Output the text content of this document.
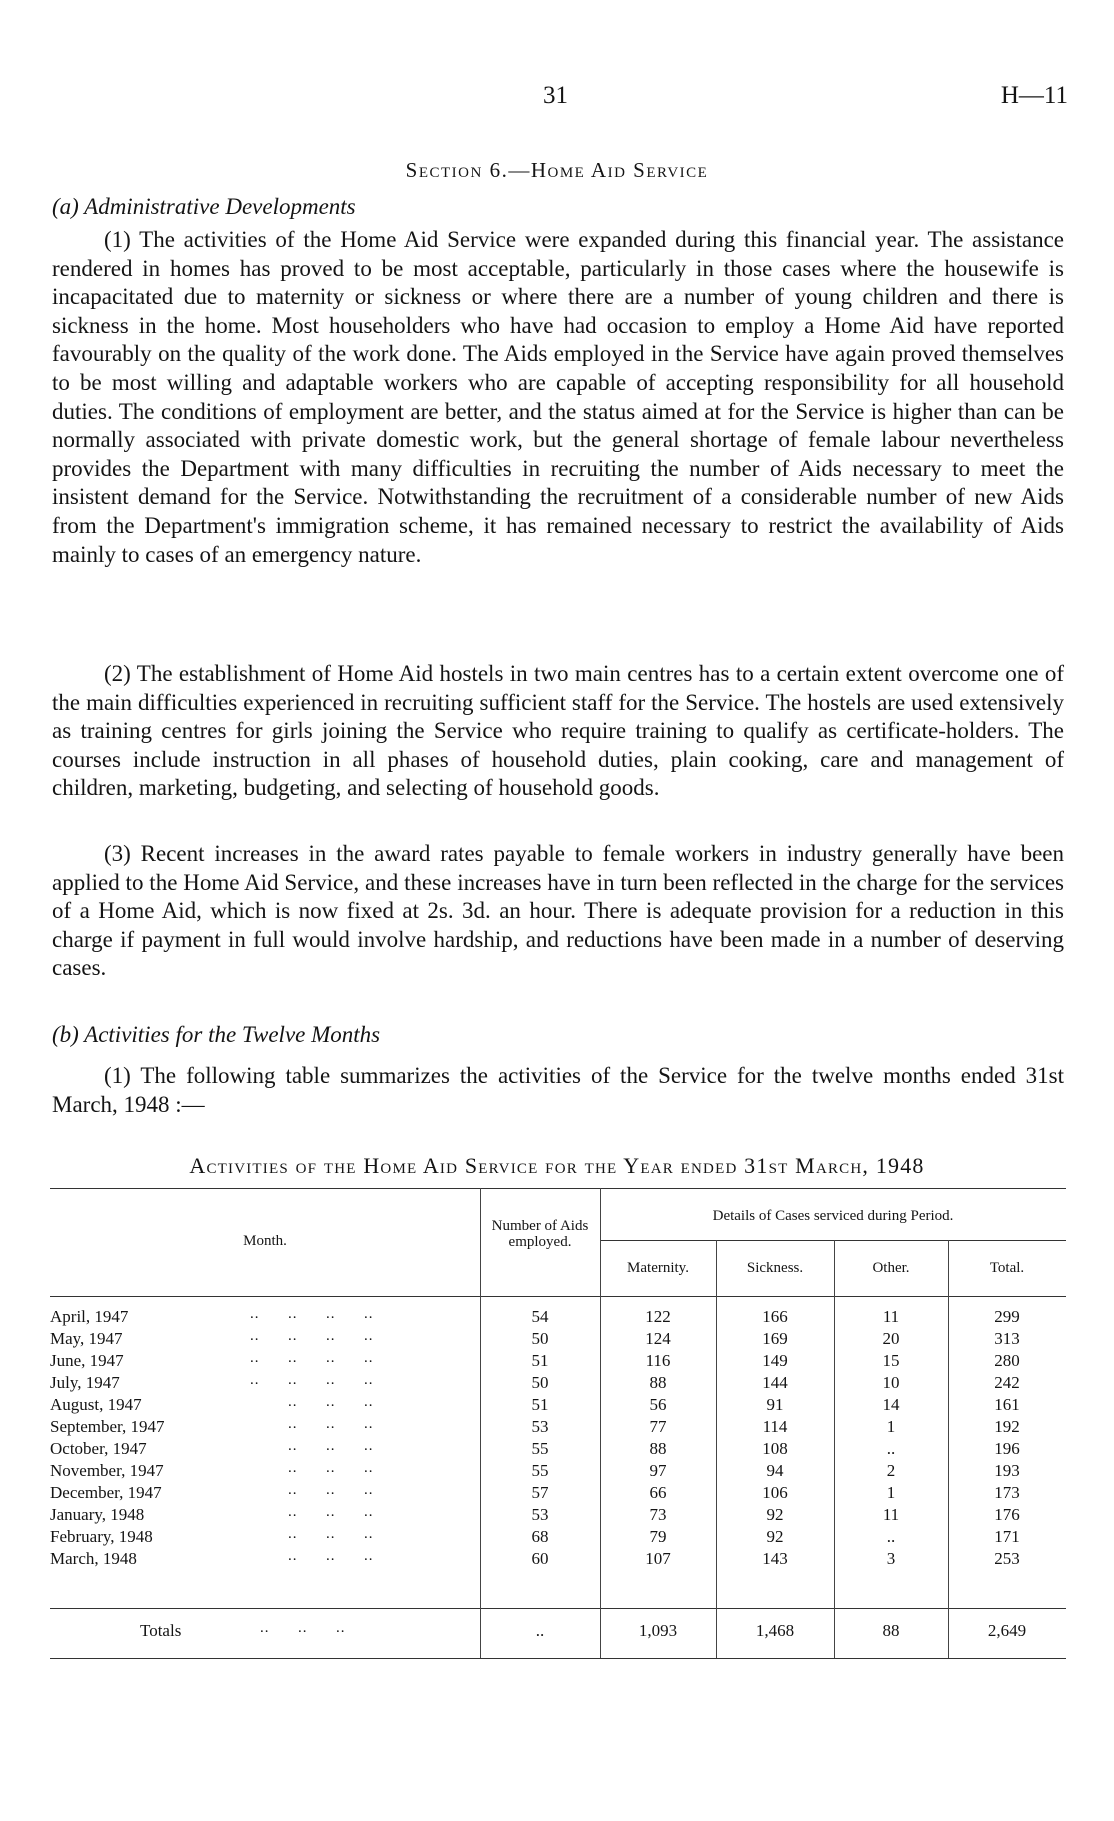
31	H—11
Section 6.—Home Aid Service
(a) Administrative Developments

(1) The activities of the Home Aid Service were expanded during this financial year. The assistance rendered in homes has proved to be most acceptable, particularly in those cases where the housewife is incapacitated due to maternity or sickness or where there are a number of young children and there is sickness in the home. Most householders who have had occasion to employ a Home Aid have reported favourably on the quality of the work done. The Aids employed in the Service have again proved themselves to be most willing and adaptable workers who are capable of accepting responsibility for all household duties. The conditions of employment are better, and the status aimed at for the Service is higher than can be normally associated with private domestic work, but the general shortage of female labour nevertheless provides the Department with many difficulties in recruiting the number of Aids necessary to meet the insistent demand for the Service. Notwithstanding the recruitment of a considerable number of new Aids from the Department's immigration scheme, it has remained necessary to restrict the availability of Aids mainly to cases of an emergency nature.

(2) The establishment of Home Aid hostels in two main centres has to a certain extent overcome one of the main difficulties experienced in recruiting sufficient staff for the Service. The hostels are used extensively as training centres for girls joining the Service who require training to qualify as certificate-holders. The courses include instruction in all phases of household duties, plain cooking, care and management of children, marketing, budgeting, and selecting of household goods.

(3) Recent increases in the award rates payable to female workers in industry generally have been applied to the Home Aid Service, and these increases have in turn been reflected in the charge for the services of a Home Aid, which is now fixed at 2s. 3d. an hour. There is adequate provision for a reduction in this charge if payment in full would involve hardship, and reductions have been made in a number of deserving cases.

(b) Activities for the Twelve Months

(1) The following table summarizes the activities of the Service for the twelve months ended 31st March, 1948 :—

Activities of the Home Aid Service for the Year ended 31st March, 1948
Month.
Number of Aids employed.
Details of Cases serviced during Period.
Maternity.	Sickness.	Other.	Total.
April, 1947	..      ..      ..      ..	54	122	166	11	299
May, 1947	..      ..      ..      ..	50	124	169	20	313
June, 1947	..      ..      ..      ..	51	116	149	15	280
July, 1947	..      ..      ..      ..	50	88	144	10	242
August, 1947	..      ..      ..	51	56	91	14	161
September, 1947	..      ..      ..	53	77	114	1	192
October, 1947	..      ..      ..	55	88	108	..	196
November, 1947	..      ..      ..	55	97	94	2	193
December, 1947	..      ..      ..	57	66	106	1	173
January, 1948	..      ..      ..	53	73	92	11	176
February, 1948	..      ..      ..	68	79	92	..	171
March, 1948	..      ..      ..	60	107	143	3	253
Totals	..      ..      ..	..	1,093	1,468	88	2,649
